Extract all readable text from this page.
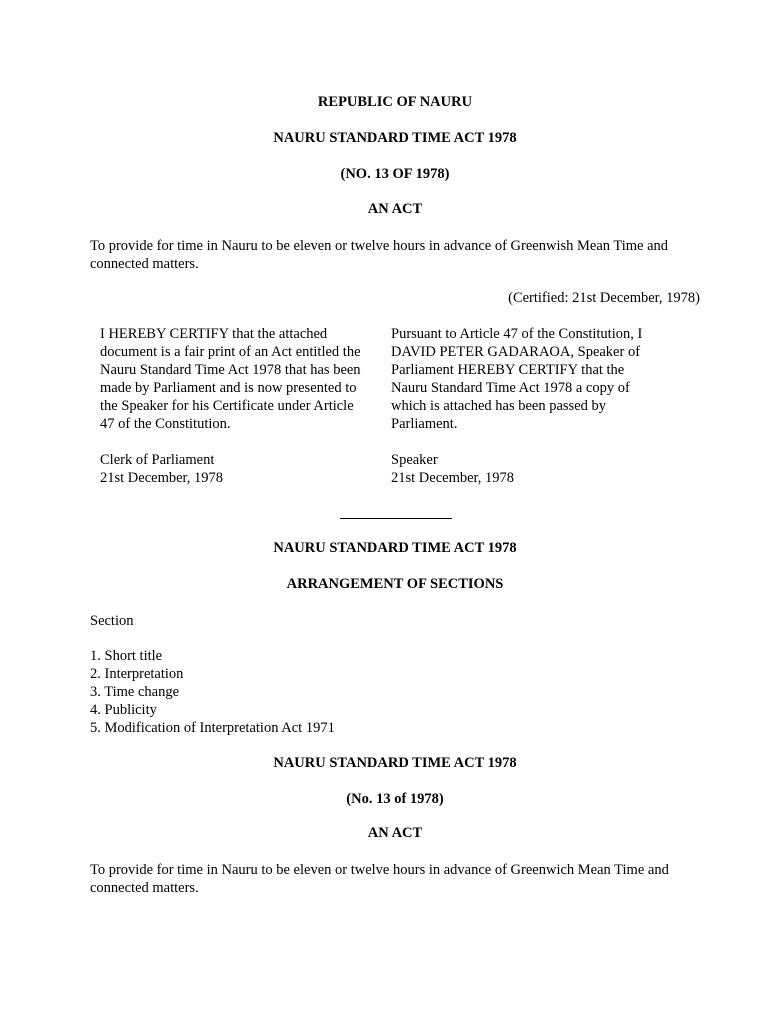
REPUBLIC OF NAURU

NAURU STANDARD TIME ACT 1978

(NO. 13 OF 1978)

AN ACT

To provide for time in Nauru to be eleven or twelve hours in advance of Greenwish Mean Time and
connected matters.

(Certified: 21st December, 1978)

I HEREBY CERTIFY that the attached
document is a fair print of an Act entitled the
Nauru Standard Time Act 1978 that has been
made by Parliament and is now presented to
the Speaker for his Certificate under Article
47 of the Constitution.
Clerk of Parliament
21st December, 1978
Pursuant to Article 47 of the Constitution, I
DAVID PETER GADARAOA, Speaker of
Parliament HEREBY CERTIFY that the
Nauru Standard Time Act 1978 a copy of
which is attached has been passed by
Parliament.
Speaker
21st December, 1978

NAURU STANDARD TIME ACT 1978

ARRANGEMENT OF SECTIONS

Section

1. Short title
2. Interpretation
3. Time change
4. Publicity
5. Modification of Interpretation Act 1971

NAURU STANDARD TIME ACT 1978

(No. 13 of 1978)

AN ACT

To provide for time in Nauru to be eleven or twelve hours in advance of Greenwich Mean Time and
connected matters.
